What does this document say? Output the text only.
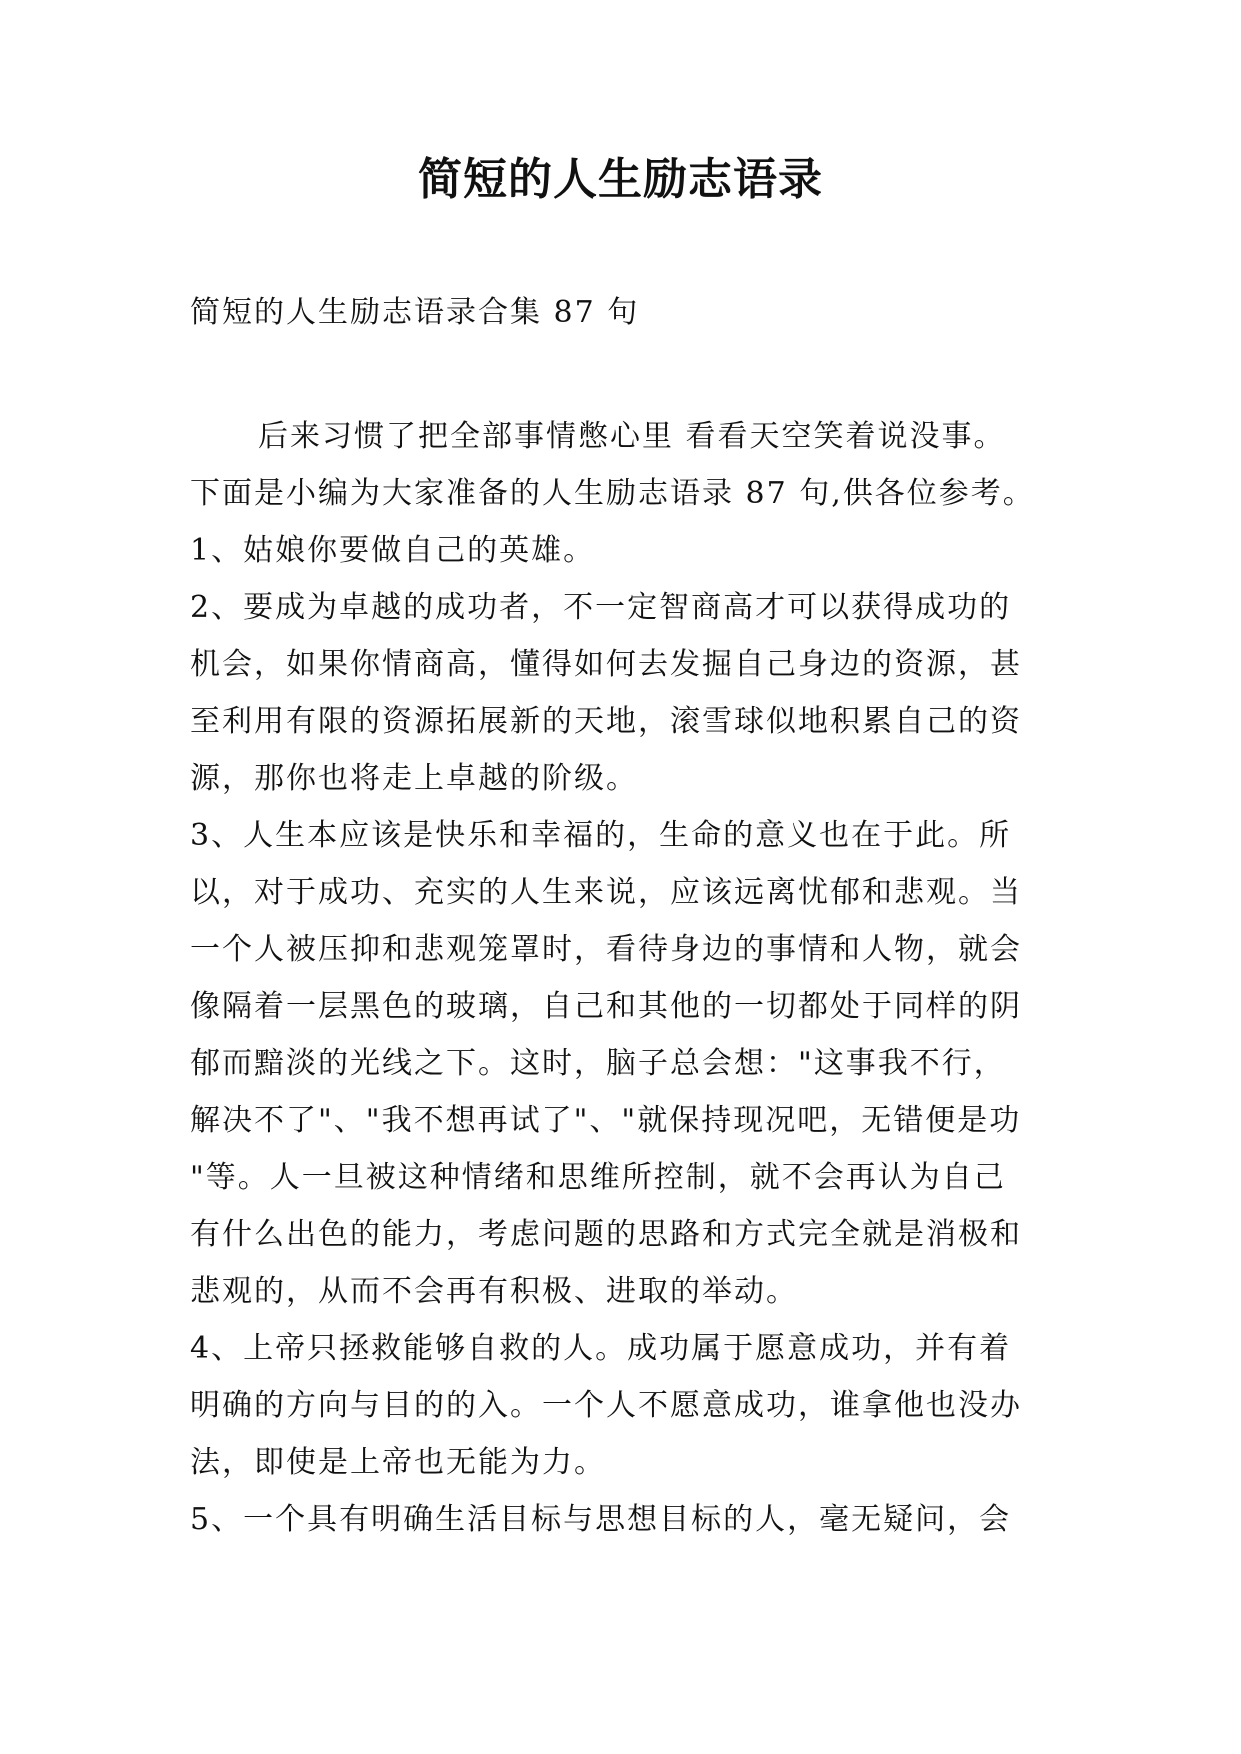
简短的人生励志语录
简短的人生励志语录合集 87 句
后来习惯了把全部事情憋心里 看看天空笑着说没事。
下面是小编为大家准备的人生励志语录 87 句,供各位参考。
1、姑娘你要做自己的英雄。
2、要成为卓越的成功者，不一定智商高才可以获得成功的
机会，如果你情商高，懂得如何去发掘自己身边的资源，甚
至利用有限的资源拓展新的天地，滚雪球似地积累自己的资
源，那你也将走上卓越的阶级。
3、人生本应该是快乐和幸福的，生命的意义也在于此。所
以，对于成功、充实的人生来说，应该远离忧郁和悲观。当
一个人被压抑和悲观笼罩时，看待身边的事情和人物，就会
像隔着一层黑色的玻璃，自己和其他的一切都处于同样的阴
郁而黯淡的光线之下。这时，脑子总会想："这事我不行，
解决不了"、"我不想再试了"、"就保持现况吧，无错便是功
"等。人一旦被这种情绪和思维所控制，就不会再认为自己
有什么出色的能力，考虑问题的思路和方式完全就是消极和
悲观的，从而不会再有积极、进取的举动。
4、上帝只拯救能够自救的人。成功属于愿意成功，并有着
明确的方向与目的的入。一个人不愿意成功，谁拿他也没办
法，即使是上帝也无能为力。
5、一个具有明确生活目标与思想目标的人，毫无疑问，会
